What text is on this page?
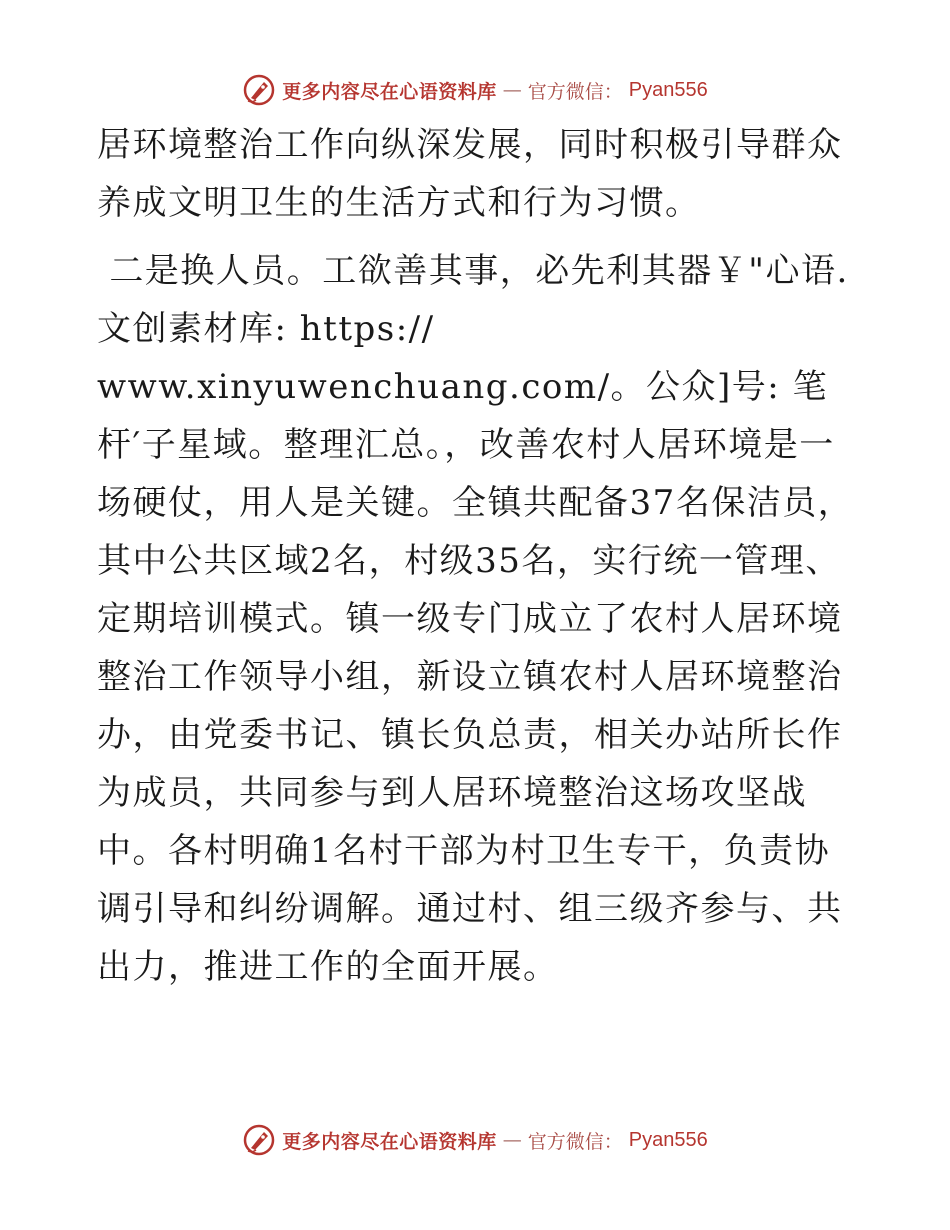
更多内容尽在心语资料库 — 官方微信： Pyan556

居环境整治工作向纵深发展，同时积极引导群众养成文明卫生的生活方式和行为习惯。

二是换人员。工欲善其事，必先利其器￥"心语.文创素材库: https://
www.xinyuwenchuang.com/。公众]号: 笔杆′子星域。整理汇总。，改善农村人居环境是一场硬仗，用人是关键。全镇共配备37名保洁员，其中公共区域2名，村级35名，实行统一管理、定期培训模式。镇一级专门成立了农村人居环境整治工作领导小组，新设立镇农村人居环境整治办，由党委书记、镇长负总责，相关办站所长作为成员，共同参与到人居环境整治这场攻坚战中。各村明确1名村干部为村卫生专干，负责协调引导和纠纷调解。通过村、组三级齐参与、共出力，推进工作的全面开展。

更多内容尽在心语资料库 — 官方微信： Pyan556
